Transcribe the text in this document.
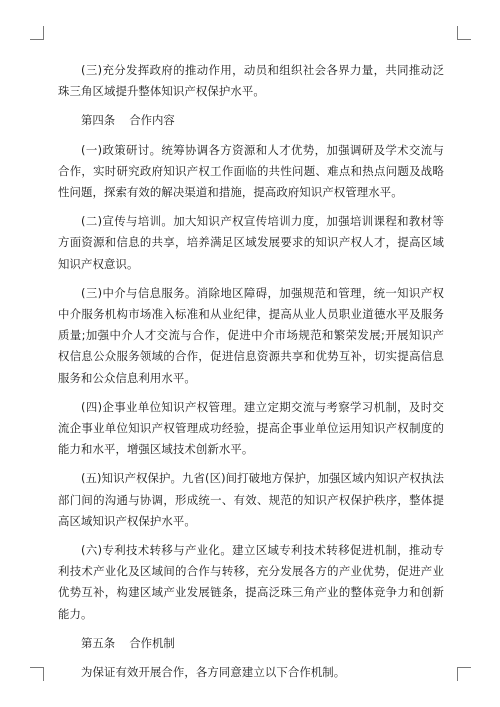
(三)充分发挥政府的推动作用，动员和组织社会各界力量，共同推动泛珠三角区域提升整体知识产权保护水平。

第四条 合作内容

(一)政策研讨。统筹协调各方资源和人才优势，加强调研及学术交流与合作，实时研究政府知识产权工作面临的共性问题、难点和热点问题及战略性问题，探索有效的解决渠道和措施，提高政府知识产权管理水平。

(二)宣传与培训。加大知识产权宣传培训力度，加强培训课程和教材等方面资源和信息的共享，培养满足区域发展要求的知识产权人才，提高区域知识产权意识。

(三)中介与信息服务。消除地区障碍，加强规范和管理，统一知识产权中介服务机构市场准入标准和从业纪律，提高从业人员职业道德水平及服务质量;加强中介人才交流与合作，促进中介市场规范和繁荣发展;开展知识产权信息公众服务领域的合作，促进信息资源共享和优势互补，切实提高信息服务和公众信息利用水平。

(四)企事业单位知识产权管理。建立定期交流与考察学习机制，及时交流企事业单位知识产权管理成功经验，提高企事业单位运用知识产权制度的能力和水平，增强区域技术创新水平。

(五)知识产权保护。九省(区)间打破地方保护，加强区域内知识产权执法部门间的沟通与协调，形成统一、有效、规范的知识产权保护秩序，整体提高区域知识产权保护水平。

(六)专利技术转移与产业化。建立区域专利技术转移促进机制，推动专利技术产业化及区域间的合作与转移，充分发展各方的产业优势，促进产业优势互补，构建区域产业发展链条，提高泛珠三角产业的整体竞争力和创新能力。

第五条 合作机制

为保证有效开展合作，各方同意建立以下合作机制。
